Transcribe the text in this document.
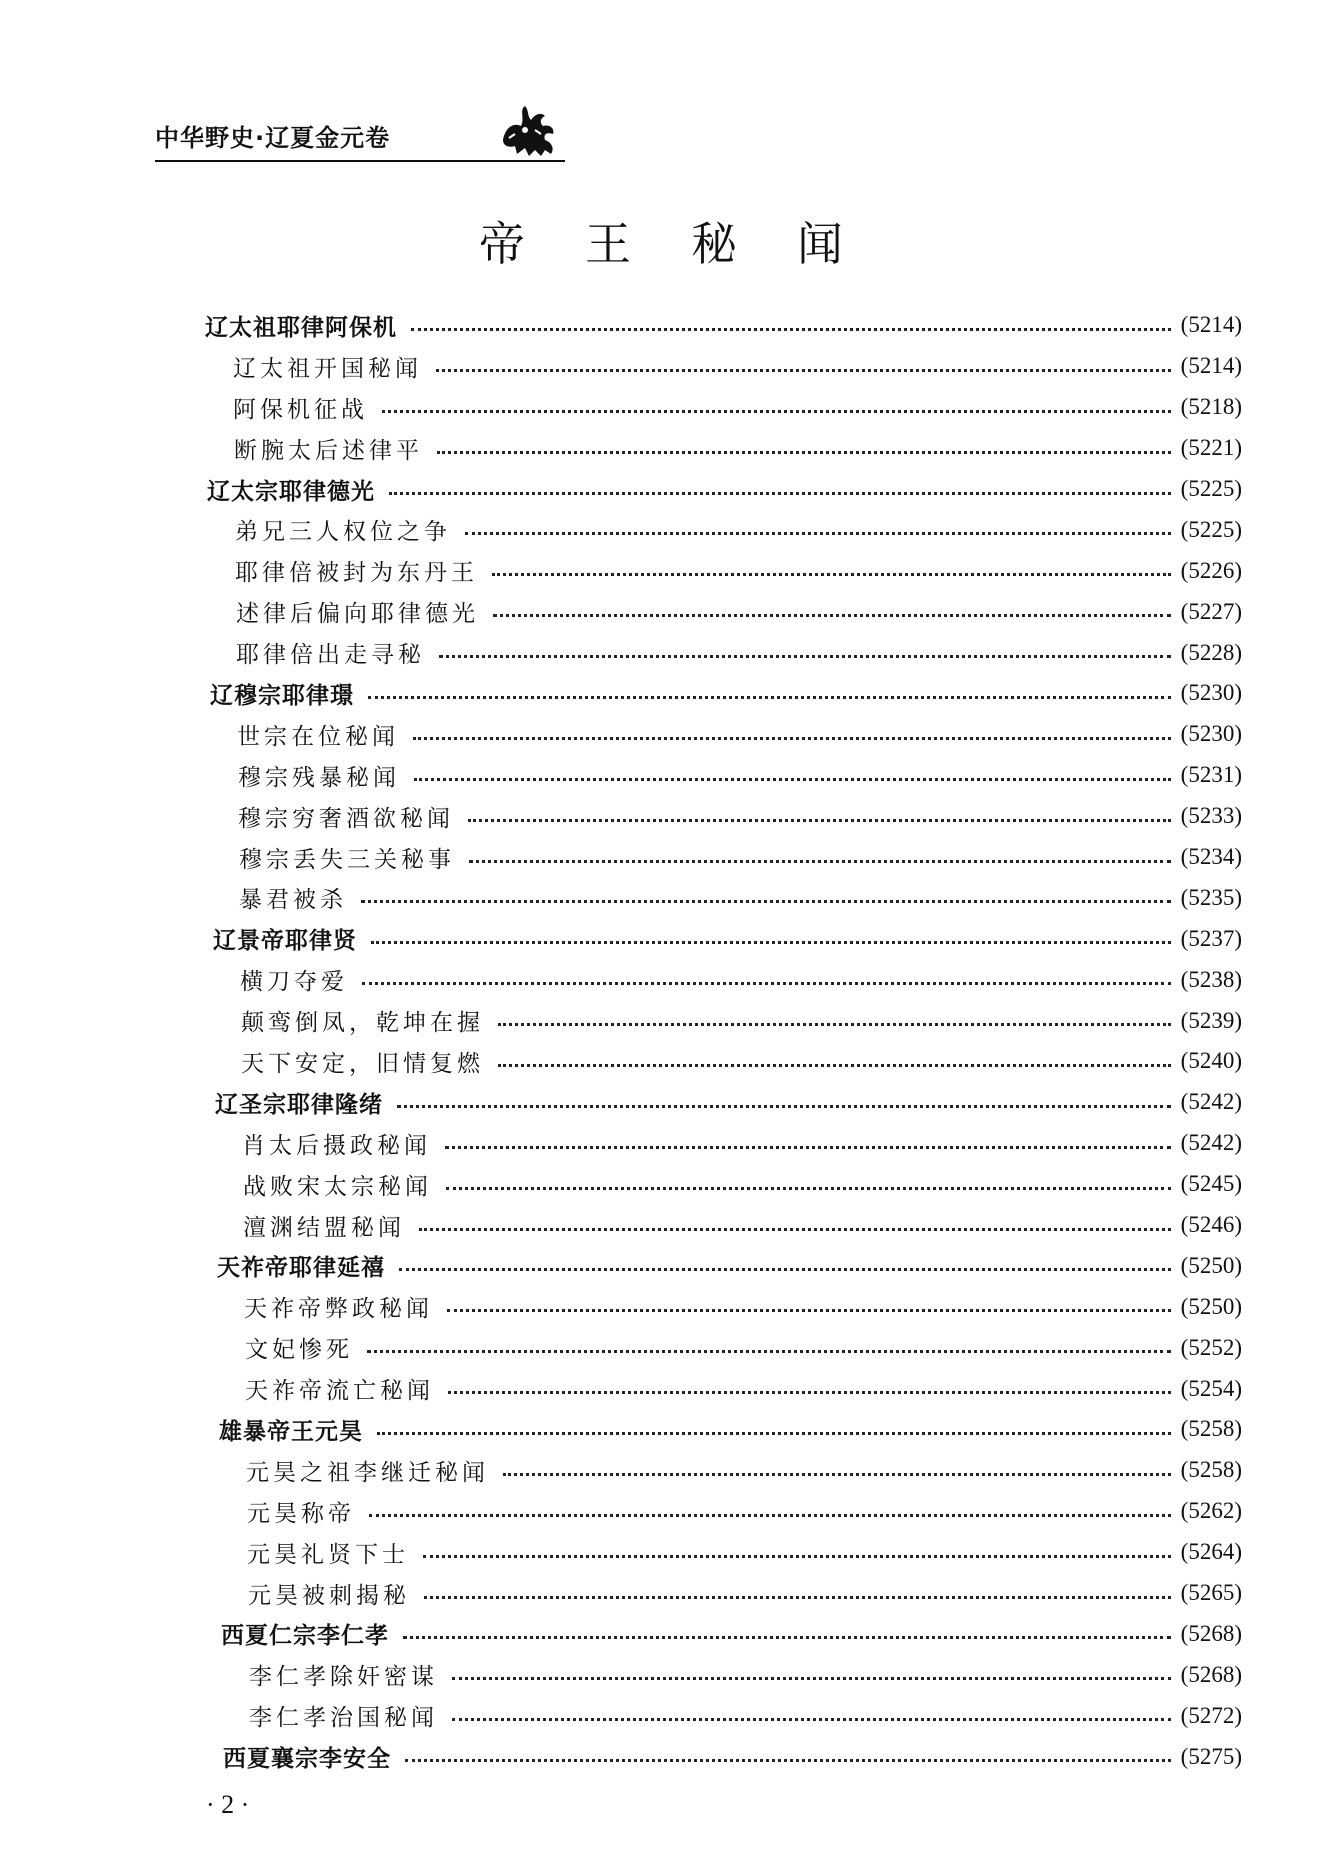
中华野史·辽夏金元卷
帝王秘闻
辽太祖耶律阿保机	(5214)
辽太祖开国秘闻	(5214)
阿保机征战	(5218)
断腕太后述律平	(5221)
辽太宗耶律德光	(5225)
弟兄三人权位之争	(5225)
耶律倍被封为东丹王	(5226)
述律后偏向耶律德光	(5227)
耶律倍出走寻秘	(5228)
辽穆宗耶律璟	(5230)
世宗在位秘闻	(5230)
穆宗残暴秘闻	(5231)
穆宗穷奢酒欲秘闻	(5233)
穆宗丢失三关秘事	(5234)
暴君被杀	(5235)
辽景帝耶律贤	(5237)
横刀夺爱	(5238)
颠鸾倒凤，乾坤在握	(5239)
天下安定，旧情复燃	(5240)
辽圣宗耶律隆绪	(5242)
肖太后摄政秘闻	(5242)
战败宋太宗秘闻	(5245)
澶渊结盟秘闻	(5246)
天祚帝耶律延禧	(5250)
天祚帝弊政秘闻	(5250)
文妃惨死	(5252)
天祚帝流亡秘闻	(5254)
雄暴帝王元昊	(5258)
元昊之祖李继迁秘闻	(5258)
元昊称帝	(5262)
元昊礼贤下士	(5264)
元昊被刺揭秘	(5265)
西夏仁宗李仁孝	(5268)
李仁孝除奸密谋	(5268)
李仁孝治国秘闻	(5272)
西夏襄宗李安全	(5275)
· 2 ·
